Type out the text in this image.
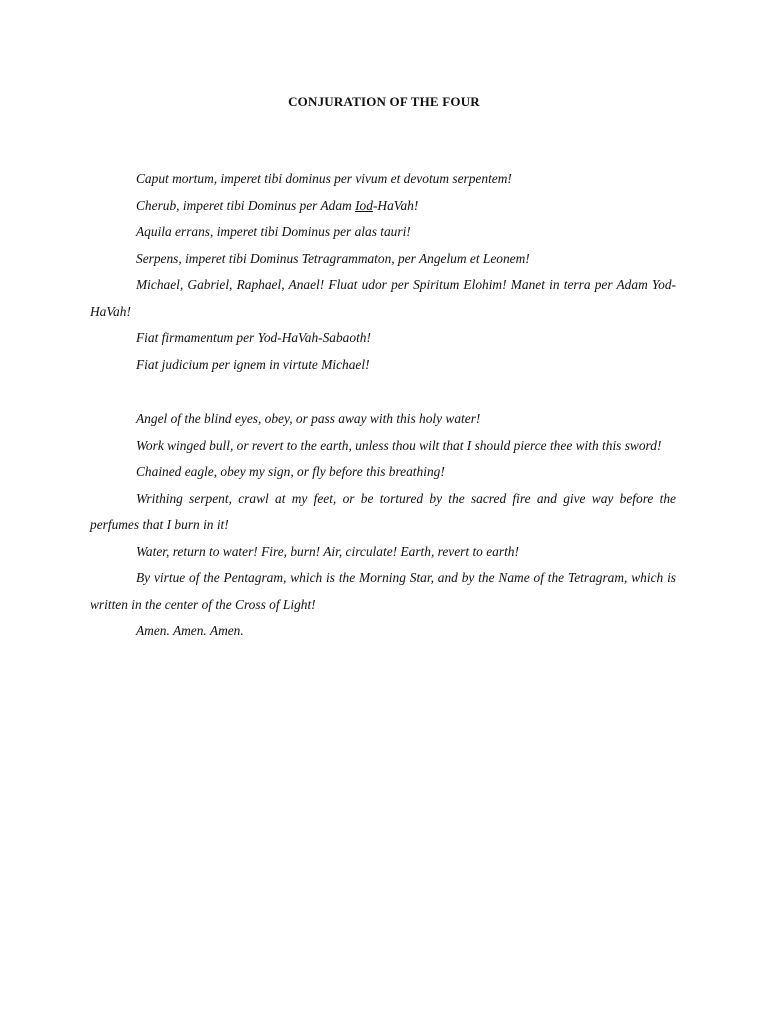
CONJURATION OF THE FOUR

Caput mortum, imperet tibi dominus per vivum et devotum serpentem!

Cherub, imperet tibi Dominus per Adam Iod-HaVah!

Aquila errans, imperet tibi Dominus per alas tauri!

Serpens, imperet tibi Dominus Tetragrammaton, per Angelum et Leonem!

Michael, Gabriel, Raphael, Anael! Fluat udor per Spiritum Elohim! Manet in terra per Adam Yod-HaVah!

Fiat firmamentum per Yod-HaVah-Sabaoth!

Fiat judicium per ignem in virtute Michael!

Angel of the blind eyes, obey, or pass away with this holy water!

Work winged bull, or revert to the earth, unless thou wilt that I should pierce thee with this sword!

Chained eagle, obey my sign, or fly before this breathing!

Writhing serpent, crawl at my feet, or be tortured by the sacred fire and give way before the perfumes that I burn in it!

Water, return to water! Fire, burn! Air, circulate! Earth, revert to earth!

By virtue of the Pentagram, which is the Morning Star, and by the Name of the Tetragram, which is written in the center of the Cross of Light!

Amen. Amen. Amen.
